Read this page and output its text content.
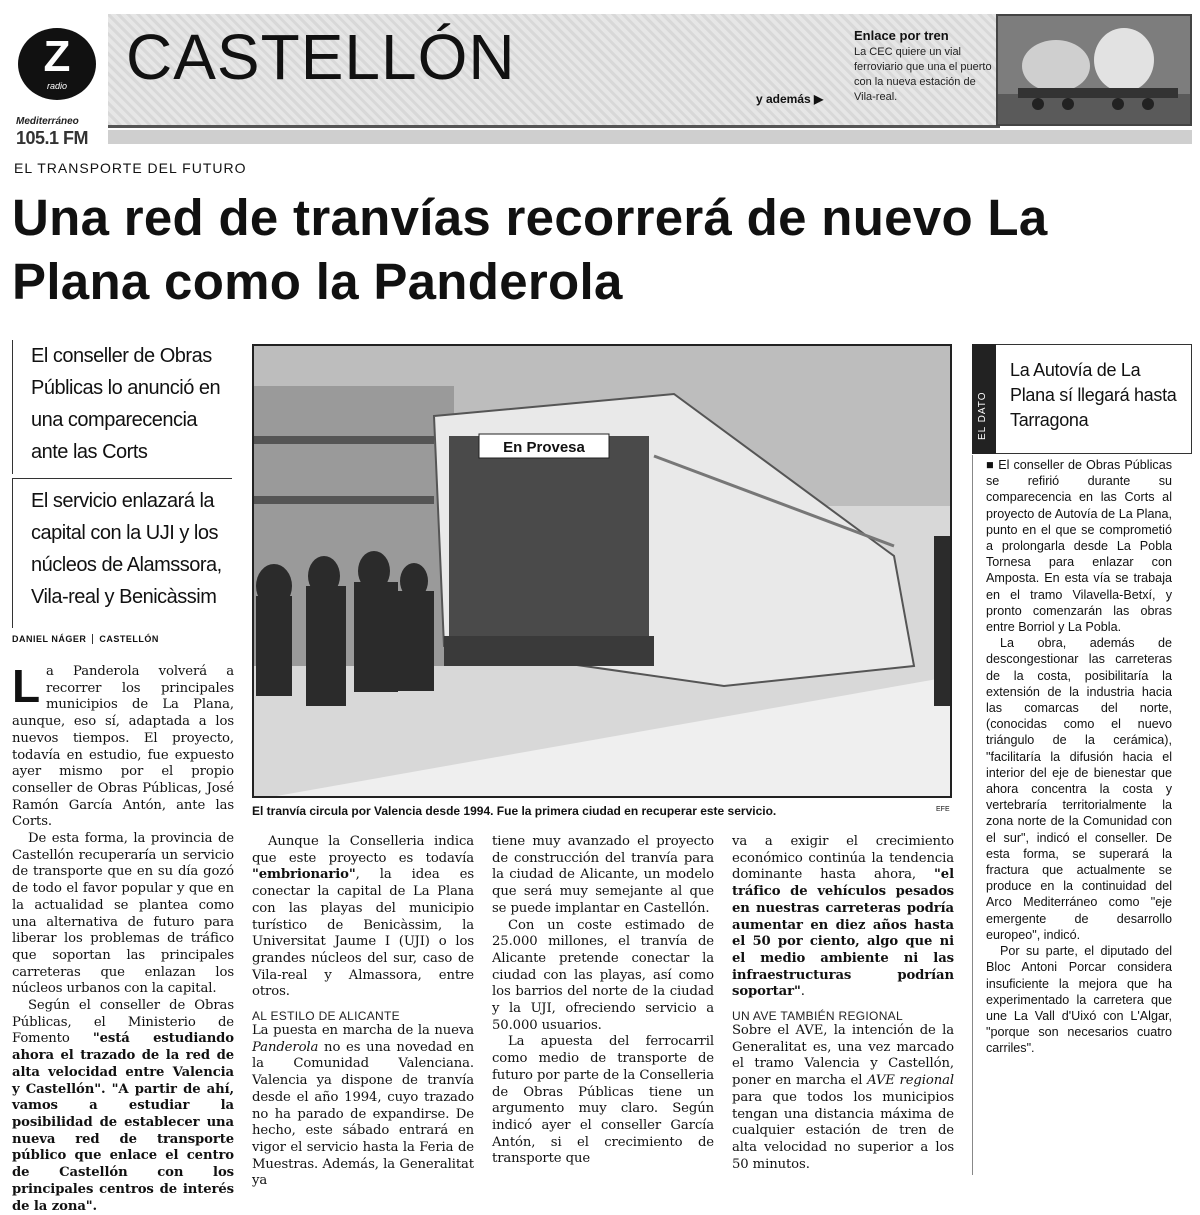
Z
radio
Mediterráneo
105.1 FM
CASTELLÓN
y además ▶
Enlace por tren
La CEC quiere un vial ferroviario que una el puerto con la nueva estación de Vila-real.
EL TRANSPORTE DEL FUTURO
Una red de tranvías recorrerá de nuevo La Plana como la Panderola
El conseller de Obras Públicas lo anunció en una comparecencia ante las Corts
El servicio enlazará la capital con la UJI y los núcleos de Alamssora, Vila-real y Benicàssim
DANIEL NÁGER CASTELLÓN
En Provesa
El tranvía circula por Valencia desde 1994. Fue la primera ciudad en recuperar este servicio.	EFE

La Panderola volverá a recorrer los principales municipios de La Plana, aunque, eso sí, adaptada a los nuevos tiempos. El proyecto, todavía en estudio, fue expuesto ayer mismo por el propio conseller de Obras Públicas, José Ramón García Antón, ante las Corts.

De esta forma, la provincia de Castellón recuperaría un servicio de transporte que en su día gozó de todo el favor popular y que en la actualidad se plantea como una alternativa de futuro para liberar los problemas de tráfico que soportan las principales carreteras que enlazan los núcleos urbanos con la capital.

Según el conseller de Obras Públicas, el Ministerio de Fomento "está estudiando ahora el trazado de la red de alta velocidad entre Valencia y Castellón". "A partir de ahí, vamos a estudiar la posibilidad de establecer una nueva red de transporte público que enlace el centro de Castellón con los principales centros de interés de la zona".

Aunque la Conselleria indica que este proyecto es todavía "embrionario", la idea es conectar la capital de La Plana con las playas del municipio turístico de Benicàssim, la Universitat Jaume I (UJI) o los grandes núcleos del sur, caso de Vila-real y Almassora, entre otros.

AL ESTILO DE ALICANTE

La puesta en marcha de la nueva Panderola no es una novedad en la Comunidad Valenciana. Valencia ya dispone de tranvía desde el año 1994, cuyo trazado no ha parado de expandirse. De hecho, este sábado entrará en vigor el servicio hasta la Feria de Muestras. Además, la Generalitat ya

tiene muy avanzado el proyecto de construcción del tranvía para la ciudad de Alicante, un modelo que será muy semejante al que se puede implantar en Castellón.

Con un coste estimado de 25.000 millones, el tranvía de Alicante pretende conectar la ciudad con las playas, así como los barrios del norte de la ciudad y la UJI, ofreciendo servicio a 50.000 usuarios.

La apuesta del ferrocarril como medio de transporte de futuro por parte de la Conselleria de Obras Públicas tiene un argumento muy claro. Según indicó ayer el conseller García Antón, si el crecimiento de transporte que

va a exigir el crecimiento económico continúa la tendencia dominante hasta ahora, "el tráfico de vehículos pesados en nuestras carreteras podría aumentar en diez años hasta el 50 por ciento, algo que ni el medio ambiente ni las infraestructuras podrían soportar".

UN AVE TAMBIÉN REGIONAL

Sobre el AVE, la intención de la Generalitat es, una vez marcado el tramo Valencia y Castellón, poner en marcha el AVE regional para que todos los municipios tengan una distancia máxima de cualquier estación de tren de alta velocidad no superior a los 50 minutos.

EL DATO
La Autovía de La Plana sí llegará hasta Tarragona

■ El conseller de Obras Públicas se refirió durante su comparecencia en las Corts al proyecto de Autovía de La Plana, punto en el que se comprometió a prolongarla desde La Pobla Tornesa para enlazar con Amposta. En esta vía se trabaja en el tramo Vilavella-Betxí, y pronto comenzarán las obras entre Borriol y La Pobla.

La obra, además de descongestionar las carreteras de la costa, posibilitaría la extensión de la industria hacia las comarcas del norte, (conocidas como el nuevo triángulo de la cerámica), "facilitaría la difusión hacia el interior del eje de bienestar que ahora concentra la costa y vertebraría territorialmente la zona norte de la Comunidad con el sur", indicó el conseller. De esta forma, se superará la fractura que actualmente se produce en la continuidad del Arco Mediterráneo como "eje emergente de desarrollo europeo", indicó.

Por su parte, el diputado del Bloc Antoni Porcar considera insuficiente la mejora que ha experimentado la carretera que une La Vall d'Uixó con L'Algar, "porque son necesarios cuatro carriles".
